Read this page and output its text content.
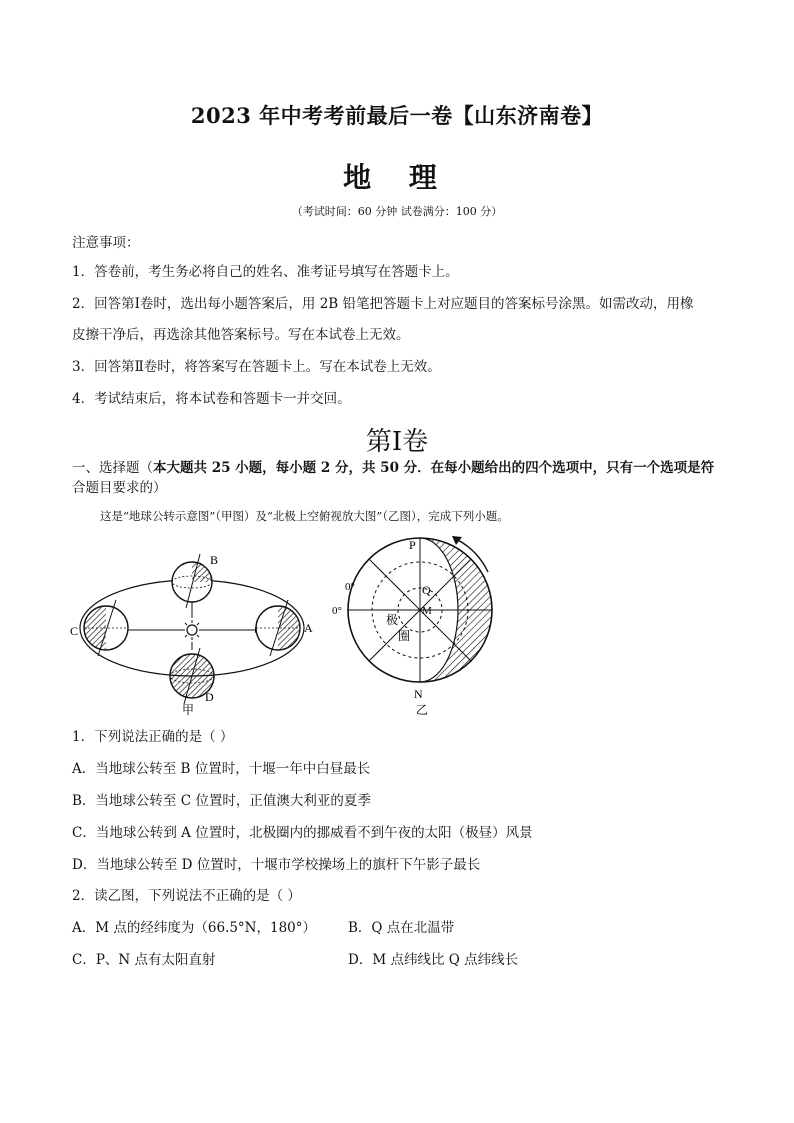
2023 年中考考前最后一卷【山东济南卷】
地 理
（考试时间：60 分钟 试卷满分：100 分）
注意事项：
1．答卷前，考生务必将自己的姓名、准考证号填写在答题卡上。
2．回答第Ⅰ卷时，选出每小题答案后，用 2B 铅笔把答题卡上对应题目的答案标号涂黑。如需改动，用橡
皮擦干净后，再选涂其他答案标号。写在本试卷上无效。
3．回答第Ⅱ卷时，将答案写在答题卡上。写在本试卷上无效。
4．考试结束后，将本试卷和答题卡一并交回。
第Ⅰ卷
一、选择题（本大题共 25 小题，每小题 2 分，共 50 分．在每小题给出的四个选项中，只有一个选项是符
合题目要求的）
这是“地球公转示意图”（甲图）及“北极上空俯视放大图”（乙图），完成下列小题。
B
C	A
D
甲
P
Q
M
N
0°
0°
极
圈
乙
1．下列说法正确的是（ ）
A．当地球公转至 B 位置时，十堰一年中白昼最长
B．当地球公转至 C 位置时，正值澳大利亚的夏季
C．当地球公转到 A 位置时，北极圈内的挪威看不到午夜的太阳（极昼）风景
D．当地球公转至 D 位置时，十堰市学校操场上的旗杆下午影子最长
2．读乙图，下列说法不正确的是（ ）
A．M 点的经纬度为（66.5°N，180°） B．Q 点在北温带
C．P、N 点有太阳直射	D．M 点纬线比 Q 点纬线长
